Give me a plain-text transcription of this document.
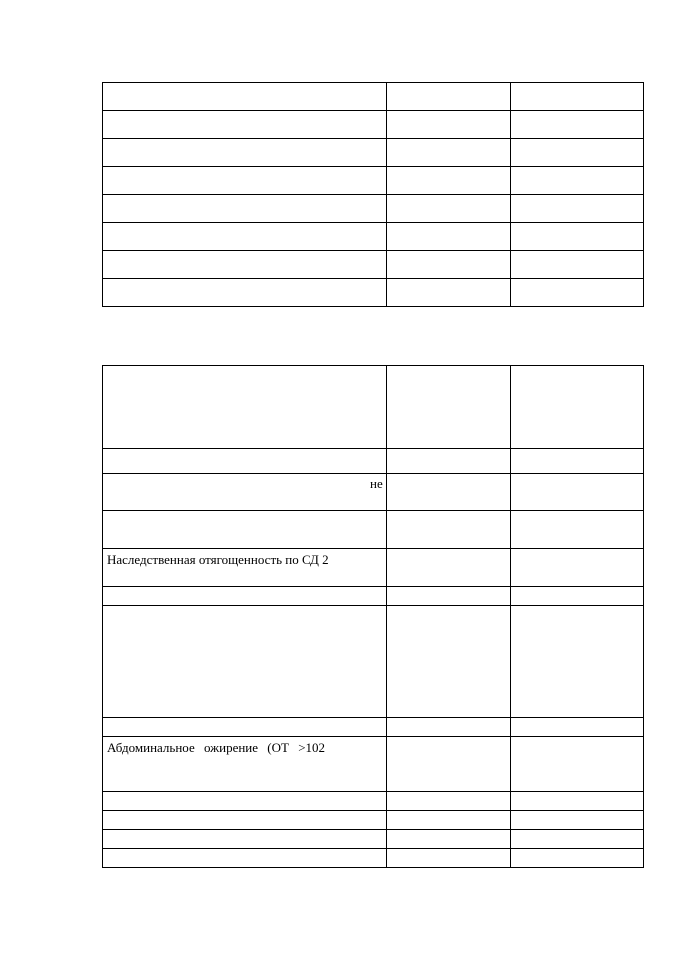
не		

Наследственная отягощенность по СД 2		

Абдоминальное ожирение (ОТ >102		
